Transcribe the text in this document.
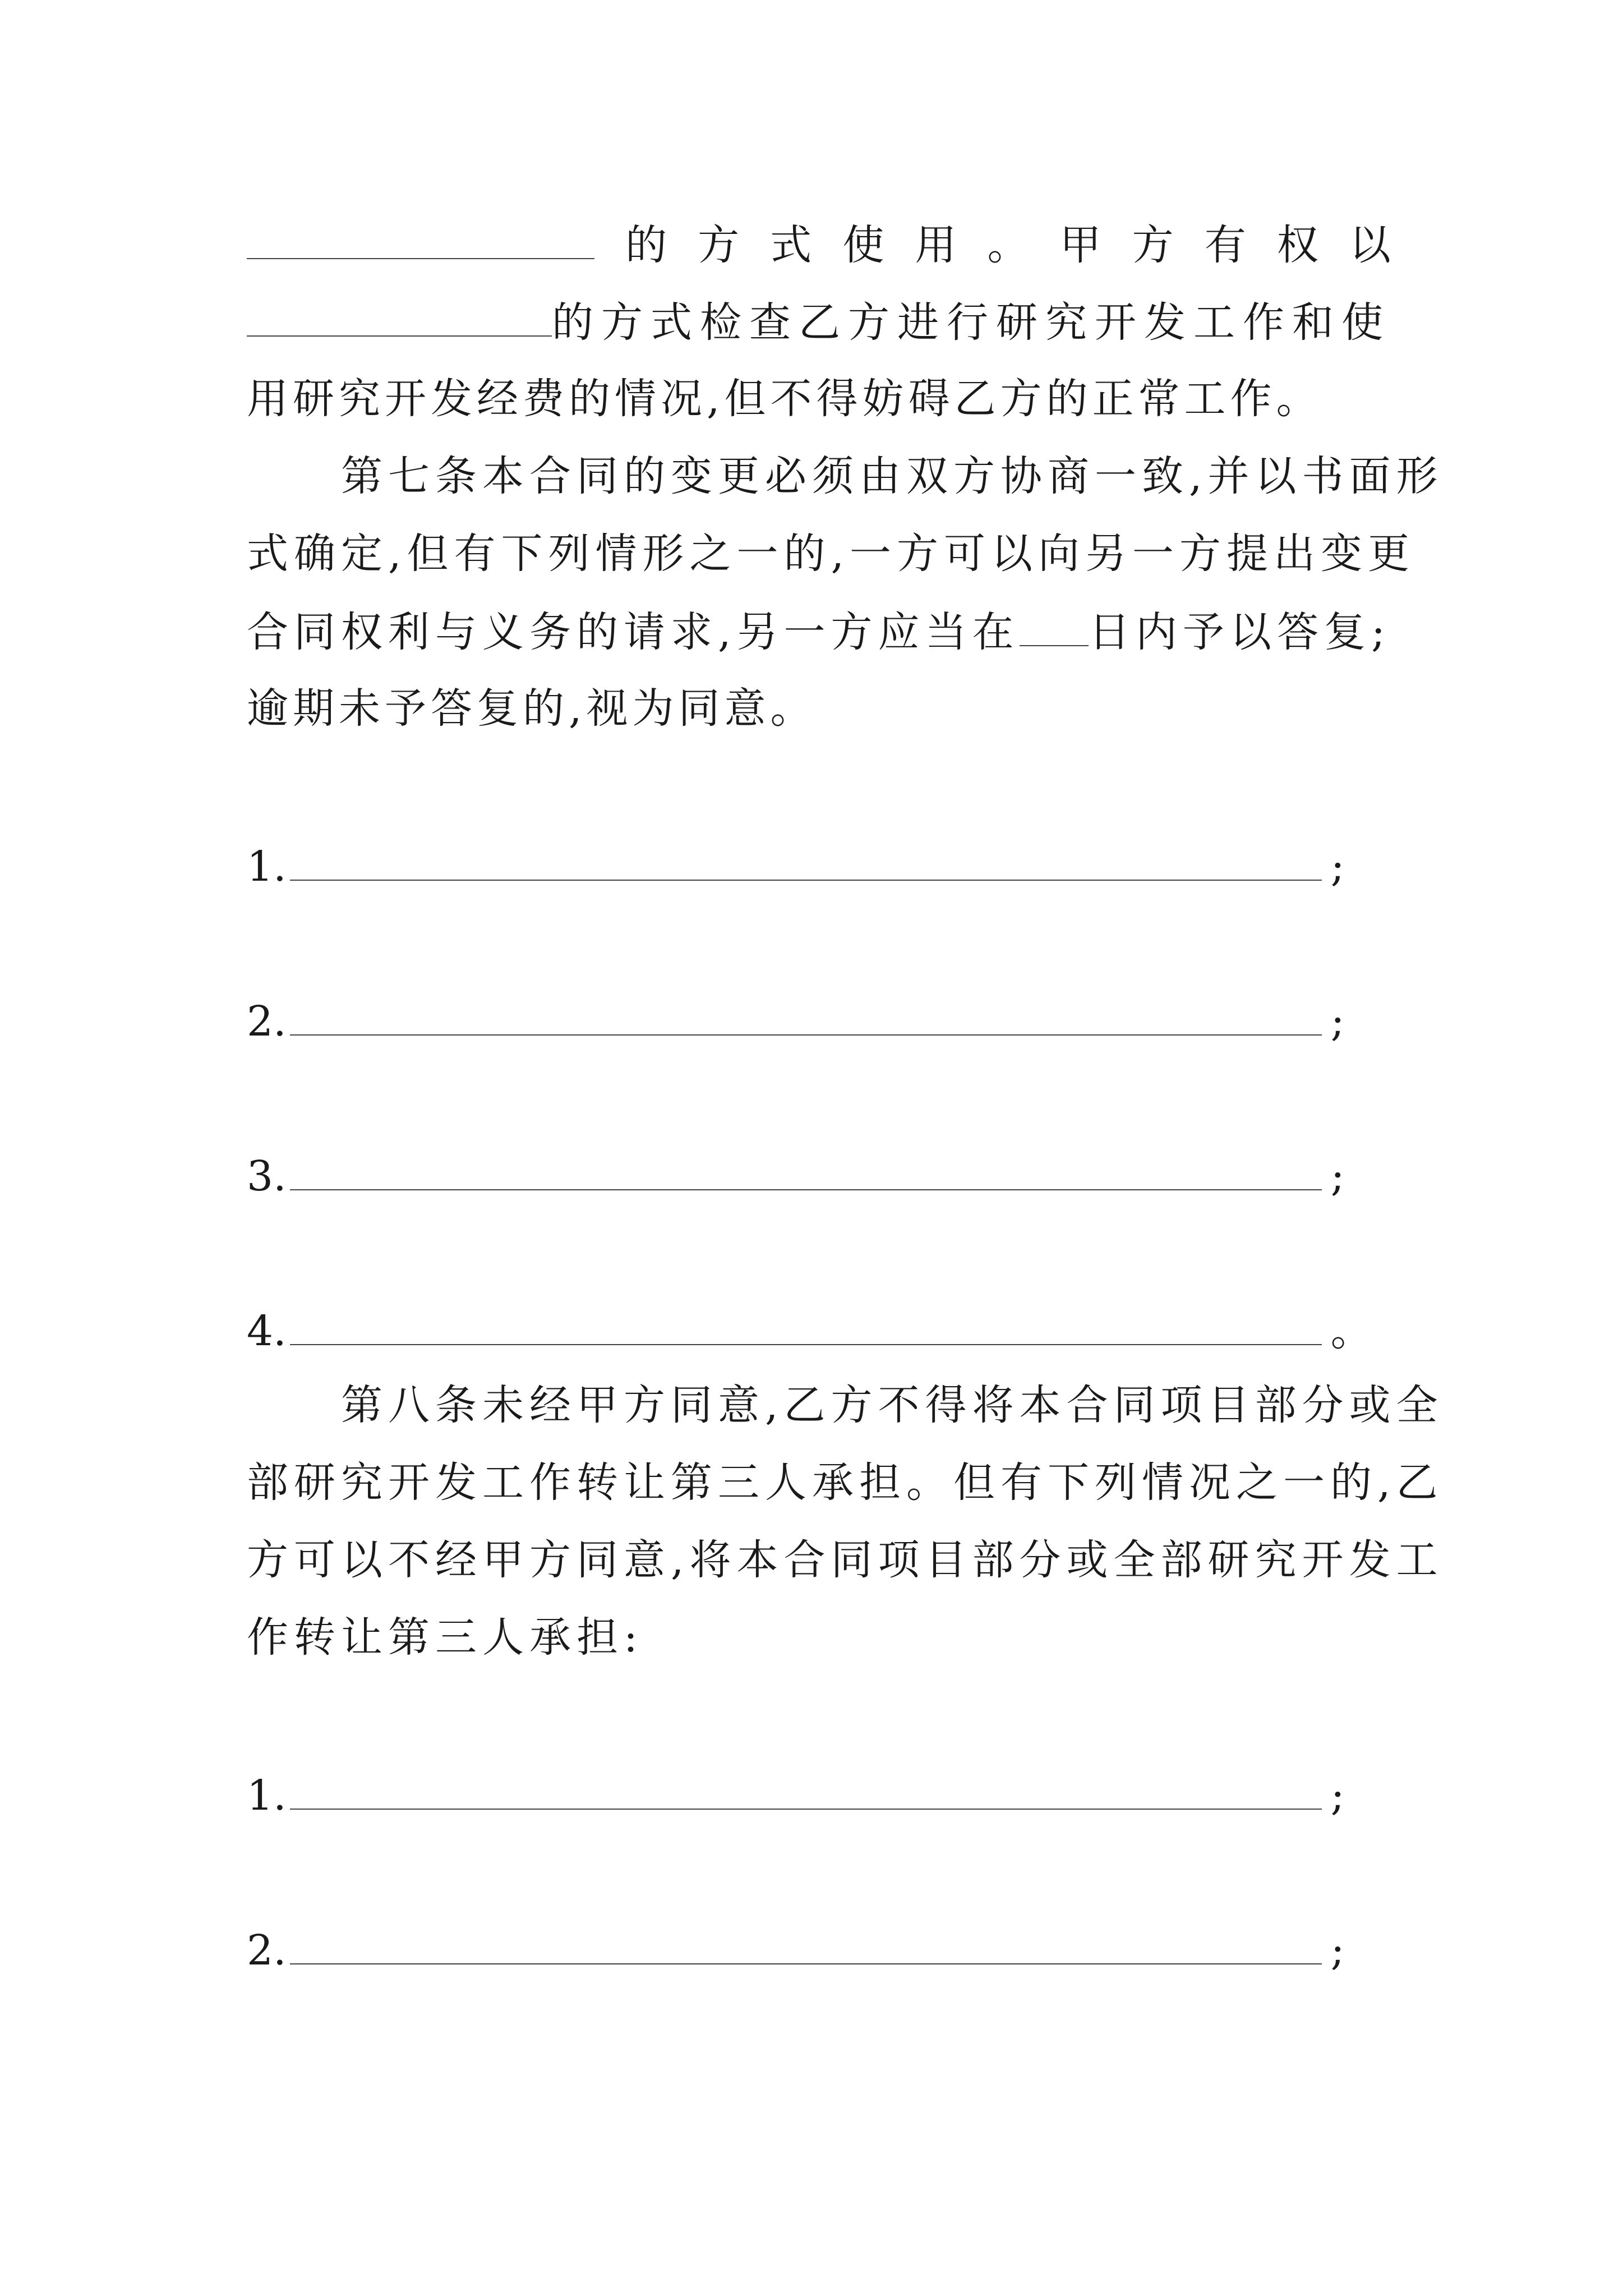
的 方 式 使 用 。 甲 方 有 权 以
的方式检查乙方进行研究开发工作和使
用研究开发经费的情况,但不得妨碍乙方的正常工作。
第七条本合同的变更必须由双方协商一致,并以书面形
式确定,但有下列情形之一的,一方可以向另一方提出变更
合同权利与义务的请求,另一方应当在 日内予以答复;
逾期未予答复的,视为同意。
1.	;
2.	;
3.	;
4.	。
第八条未经甲方同意,乙方不得将本合同项目部分或全
部研究开发工作转让第三人承担。但有下列情况之一的,乙
方可以不经甲方同意,将本合同项目部分或全部研究开发工
作转让第三人承担:
1.	;
2.	;
